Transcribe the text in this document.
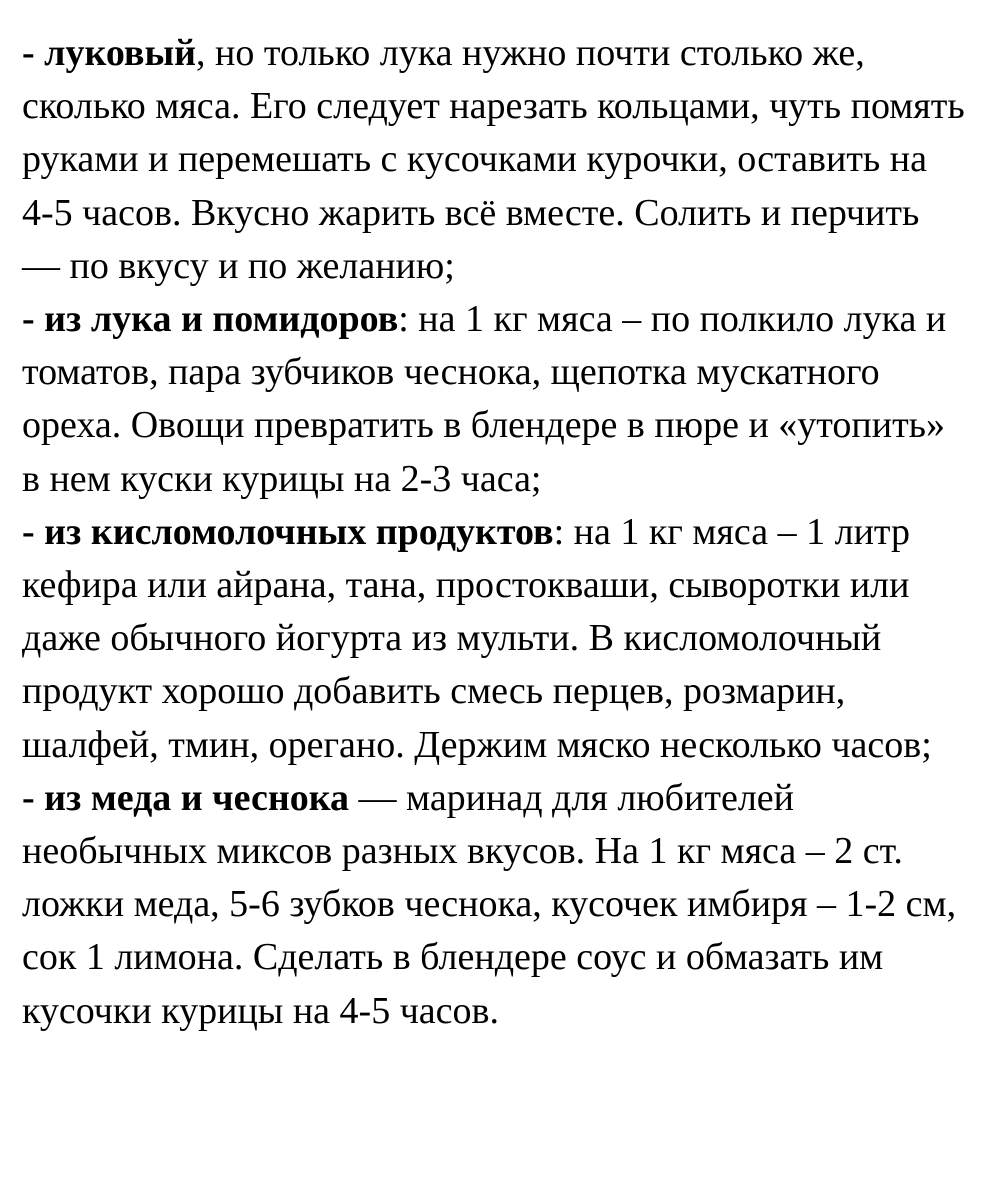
- луковый, но только лука нужно почти столько же, сколько мяса. Его следует нарезать кольцами, чуть помять руками и перемешать с кусочками курочки, оставить на 4-5 часов. Вкусно жарить всё вместе. Солить и перчить — по вкусу и по желанию;

- из лука и помидоров: на 1 кг мяса – по полкило лука и томатов, пара зубчиков чеснока, щепотка мускатного ореха. Овощи превратить в блендере в пюре и «утопить» в нем куски курицы на 2-3 часа;

- из кисломолочных продуктов: на 1 кг мяса – 1 литр кефира или айрана, тана, простокваши, сыворотки или даже обычного йогурта из мульти. В кисломолочный продукт хорошо добавить смесь перцев, розмарин, шалфей, тмин, орегано. Держим мяско несколько часов;

- из меда и чеснока — маринад для любителей необычных миксов разных вкусов. На 1 кг мяса – 2 ст. ложки меда, 5-6 зубков чеснока, кусочек имбиря – 1-2 см, сок 1 лимона. Сделать в блендере соус и обмазать им кусочки курицы на 4-5 часов.
